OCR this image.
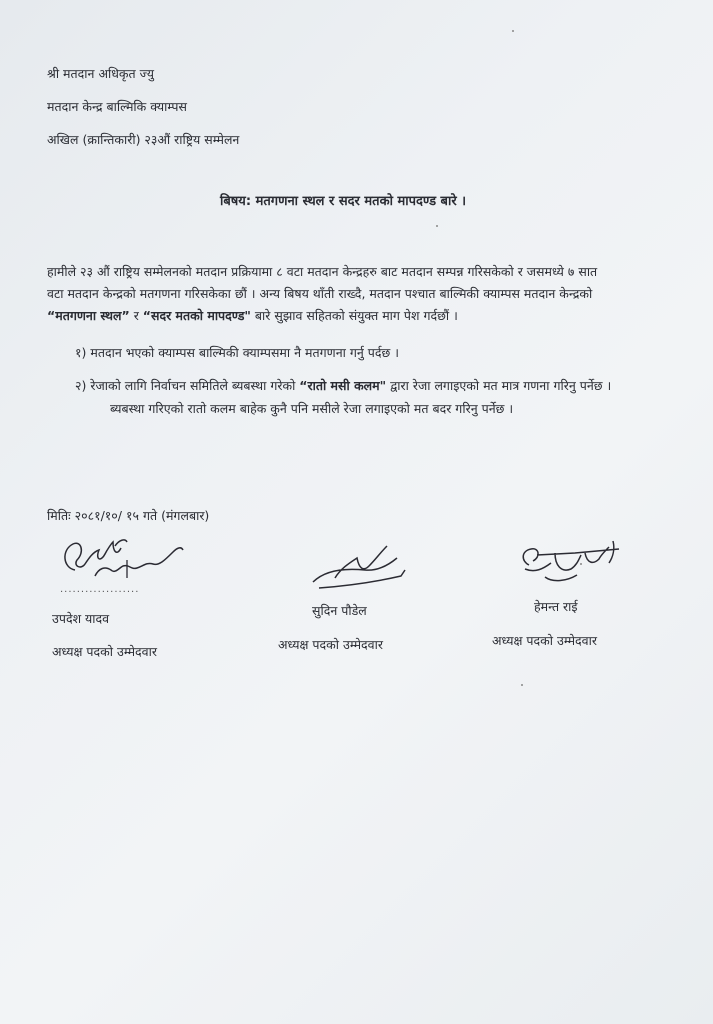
श्री मतदान अधिकृत ज्यु
मतदान केन्द्र बाल्मिकि क्याम्पस
अखिल (क्रान्तिकारी) २३औं राष्ट्रिय सम्मेलन
बिषय: मतगणना स्थल र सदर मतको मापदण्ड बारे ।
हामीले २३ औं राष्ट्रिय सम्मेलनको मतदान प्रक्रियामा ८ वटा मतदान केन्द्रहरु बाट मतदान सम्पन्न गरिसकेको र जसमध्ये ७ सात
वटा मतदान केन्द्रको मतगणना गरिसकेका छौं । अन्य बिषय थाँती राख्दै, मतदान पश्चात बाल्मिकी क्याम्पस मतदान केन्द्रको
“मतगणना स्थल” र “सदर मतको मापदण्ड" बारे सुझाव सहितको संयुक्त माग पेश गर्दछौं ।
१) मतदान भएको क्याम्पस बाल्मिकी क्याम्पसमा नै मतगणना गर्नु पर्दछ ।
२) रेजाको लागि निर्वाचन समितिले ब्यबस्था गरेको “रातो मसी कलम" द्वारा रेजा लगाइएको मत मात्र गणना गरिनु पर्नेछ ।
ब्यबस्था गरिएको रातो कलम बाहेक कुनै पनि मसीले रेजा लगाइएको मत बदर गरिनु पर्नेछ ।
मितिः २०८१/१०/ १५ गते (मंगलबार)
...................
उपदेश यादव
अध्यक्ष पदको उम्मेदवार
सुदिन पौडेल
अध्यक्ष पदको उम्मेदवार
हेमन्त राई
अध्यक्ष पदको उम्मेदवार
